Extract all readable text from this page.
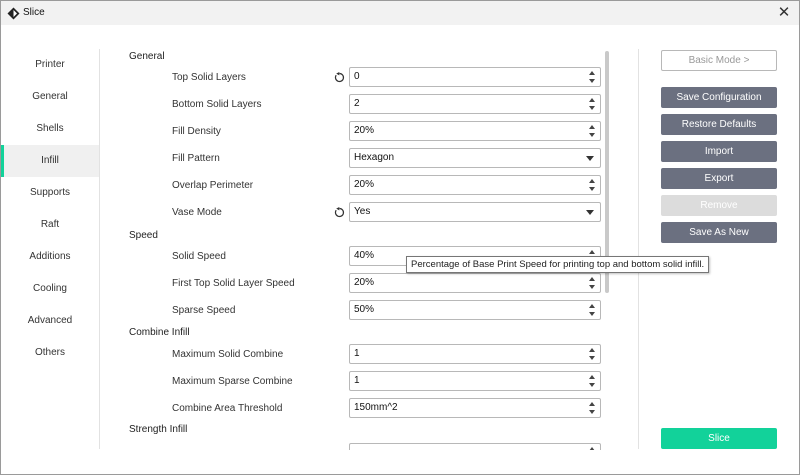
Slice	✕
Printer
General
Shells
Infill
Supports
Raft
Additions
Cooling
Advanced
Others
General
Top Solid Layers	0
Bottom Solid Layers	2
Fill Density	20%
Fill Pattern	Hexagon
Overlap Perimeter	20%
Vase Mode	Yes
Speed
Solid Speed	40%
First Top Solid Layer Speed	20%
Sparse Speed	50%
Combine Infill
Maximum Solid Combine	1
Maximum Sparse Combine	1
Combine Area Threshold	150mm^2
Strength Infill
Basic Mode >
Save Configuration
Restore Defaults
Import
Export
Remove
Save As New
Slice
Percentage of Base Print Speed for printing top and bottom solid infill.
